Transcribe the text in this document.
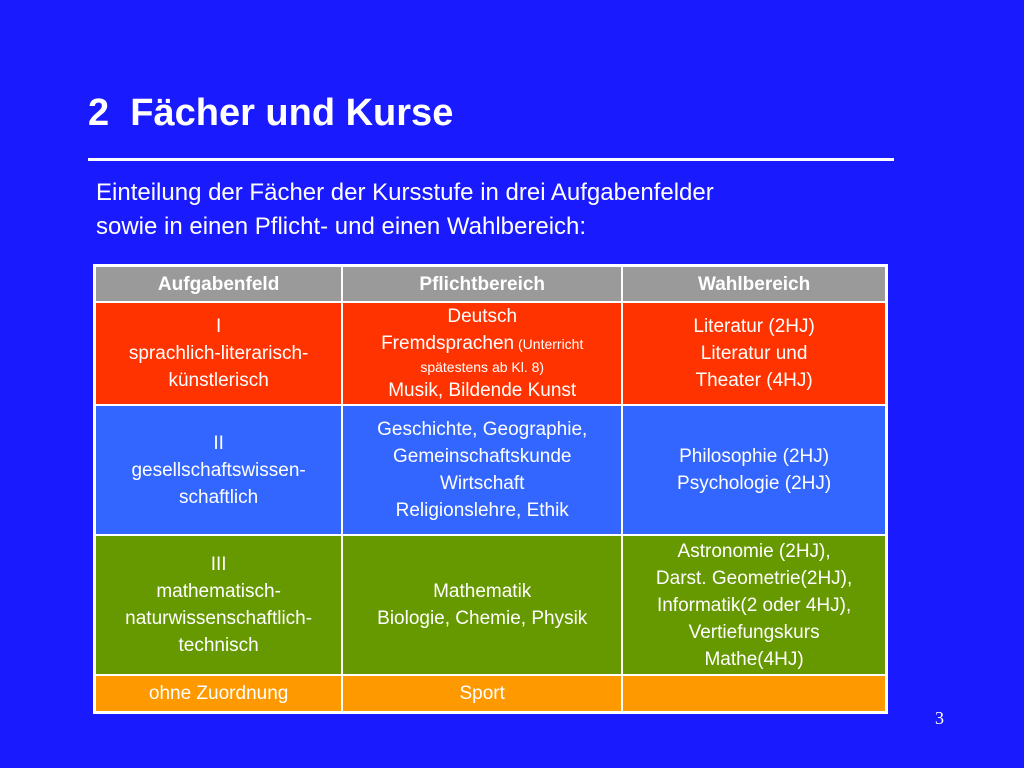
2  Fächer und Kurse
Einteilung der Fächer der Kursstufe in drei Aufgabenfelder
sowie in einen Pflicht- und einen Wahlbereich:
Aufgabenfeld	Pflichtbereich	Wahlbereich

I
sprachlich-literarisch-
künstlerisch	Deutsch
Fremdsprachen (Unterricht
spätestens ab Kl. 8)
Musik, Bildende Kunst	Literatur (2HJ)
Literatur und
Theater (4HJ)

II
gesellschaftswissen-
schaftlich	Geschichte, Geographie,
Gemeinschaftskunde
Wirtschaft
Religionslehre, Ethik	Philosophie (2HJ)
Psychologie (2HJ)

III
mathematisch-
naturwissenschaftlich-
technisch	Mathematik
Biologie, Chemie, Physik	Astronomie (2HJ),
Darst. Geometrie(2HJ),
Informatik(2 oder 4HJ),
Vertiefungskurs
Mathe(4HJ)

ohne Zuordnung	Sport	

3
